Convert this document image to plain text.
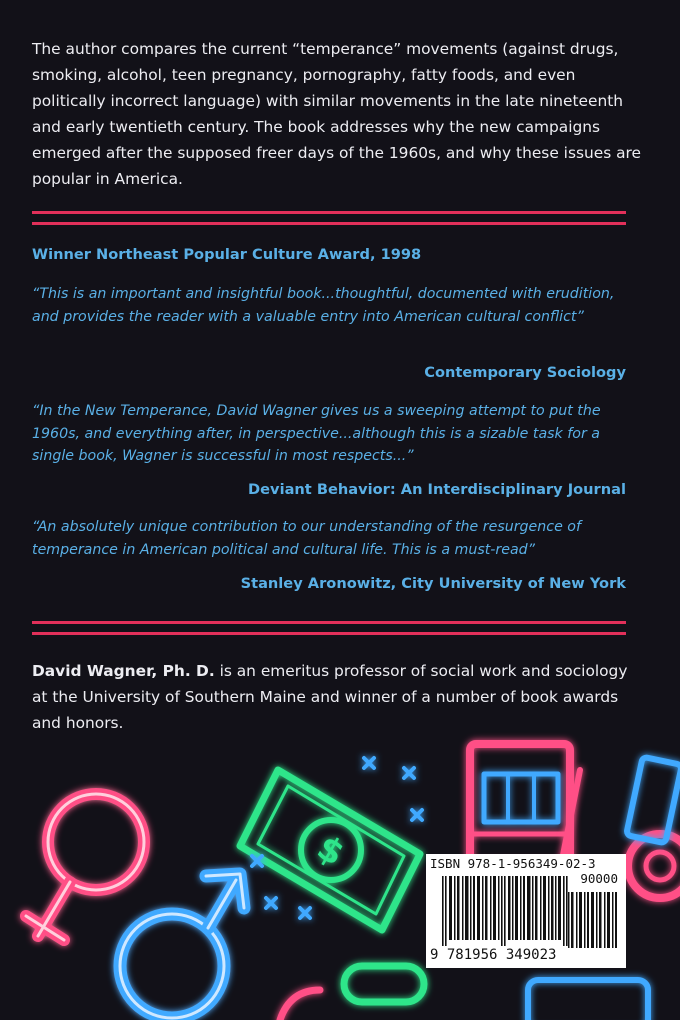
The author compares the current “temperance” movements (against drugs, smoking, alcohol, teen pregnancy, pornography, fatty foods, and even politically incorrect language) with similar movements in the late nineteenth and early twentieth century. The book addresses why the new campaigns emerged after the supposed freer days of the 1960s, and why these issues are popular in America.

Winner Northeast Popular Culture Award, 1998

“This is an important and insightful book...thoughtful, documented with erudition, and provides the reader with a valuable entry into American cultural conflict”

Contemporary Sociology

“In the New Temperance, David Wagner gives us a sweeping attempt to put the 1960s, and everything after, in perspective...although this is a sizable task for a single book, Wagner is successful in most respects...”

Deviant Behavior: An Interdisciplinary Journal

“An absolutely unique contribution to our understanding of the resurgence of temperance in American political and cultural life. This is a must-read”

Stanley Aronowitz, City University of New York

David Wagner, Ph. D. is an emeritus professor of social work and sociology at the University of Southern Maine and winner of a number of book awards and honors.

$	ISBN 978-1-956349-02-3
90000
9 781956 349023
